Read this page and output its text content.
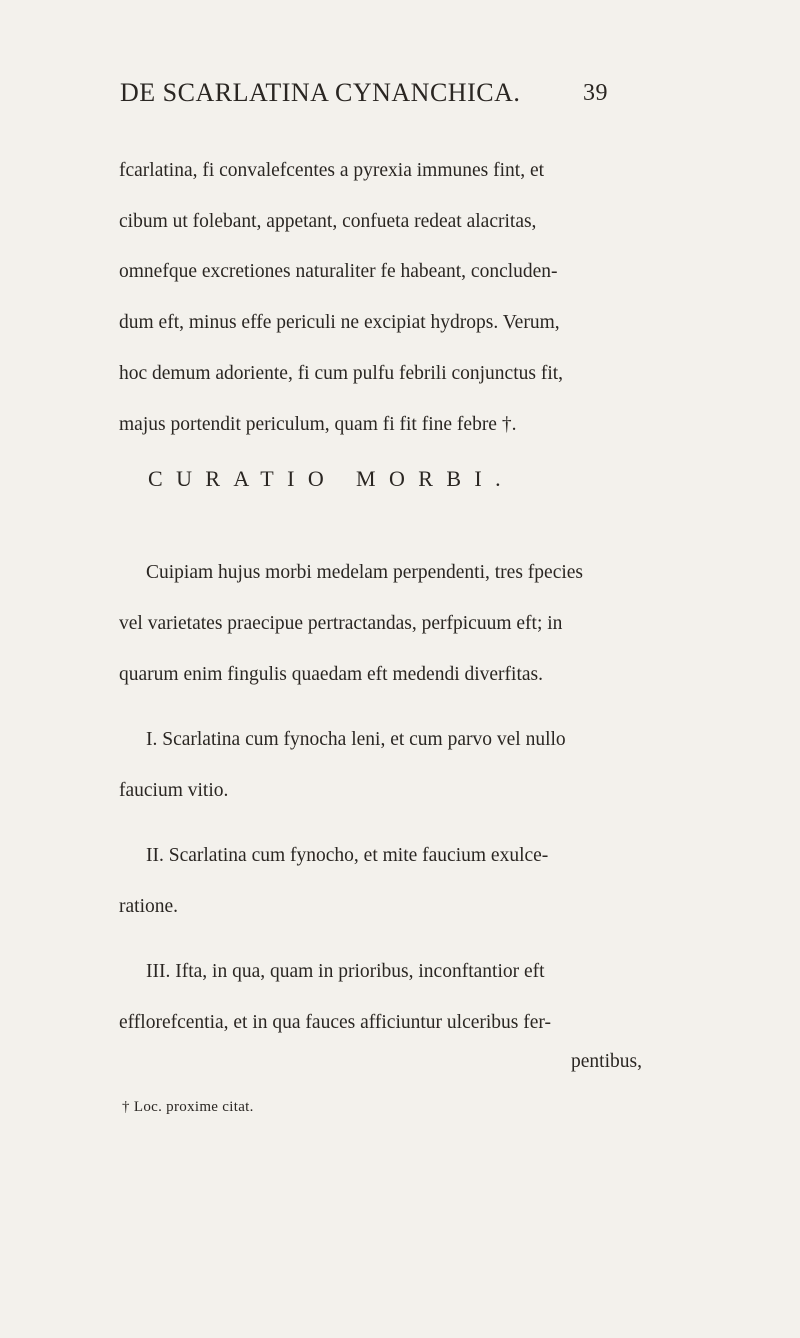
DE SCARLATINA CYNANCHICA.	39
fcarlatina, fi convalefcentes a pyrexia immunes fint, et
cibum ut folebant, appetant, confueta redeat alacritas,
omnefque excretiones naturaliter fe habeant, concluden-
dum eft, minus effe periculi ne excipiat hydrops. Verum,
hoc demum adoriente, fi cum pulfu febrili conjunctus fit,
majus portendit periculum, quam fi fit fine febre †.
CURATIO MORBI.
Cuipiam hujus morbi medelam perpendenti, tres fpecies
vel varietates praecipue pertractandas, perfpicuum eft; in
quarum enim fingulis quaedam eft medendi diverfitas.
I. Scarlatina cum fynocha leni, et cum parvo vel nullo
faucium vitio.
II. Scarlatina cum fynocho, et mite faucium exulce-
ratione.
III. Ifta, in qua, quam in prioribus, inconftantior eft
efflorefcentia, et in qua fauces afficiuntur ulceribus fer-
pentibus,
† Loc. proxime citat.
